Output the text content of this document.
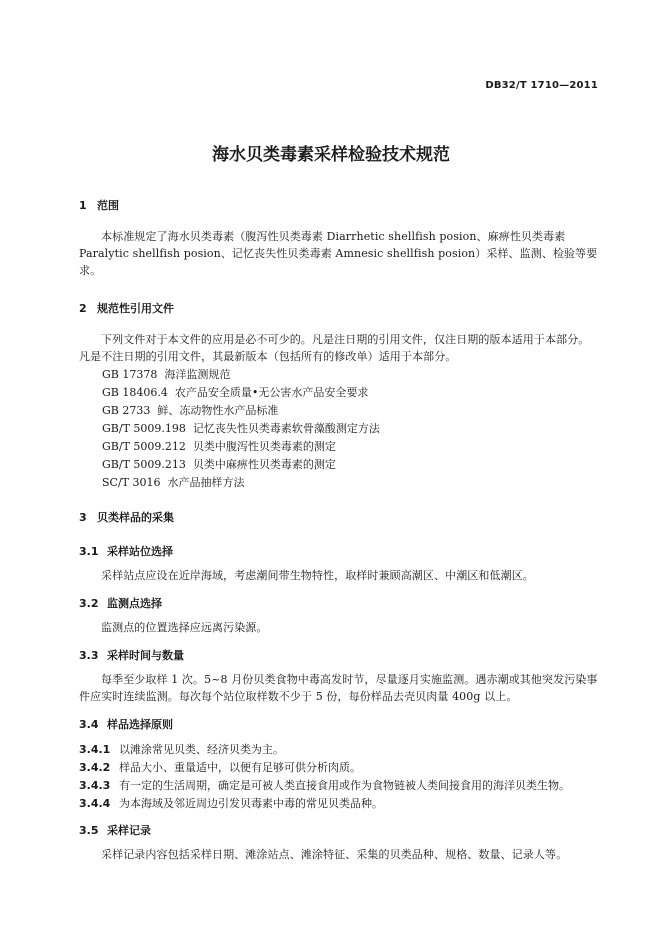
DB32/T 1710—2011
海水贝类毒素采样检验技术规范
1 范围
本标准规定了海水贝类毒素（腹泻性贝类毒素 Diarrhetic shellfish posion、麻痹性贝类毒素 Paralytic shellfish posion、记忆丧失性贝类毒素 Amnesic shellfish posion）采样、监测、检验等要求。
2 规范性引用文件
下列文件对于本文件的应用是必不可少的。凡是注日期的引用文件，仅注日期的版本适用于本部分。凡是不注日期的引用文件，其最新版本（包括所有的修改单）适用于本部分。
GB 17378 海洋监测规范
GB 18406.4 农产品安全质量•无公害水产品安全要求
GB 2733 鲜、冻动物性水产品标准
GB/T 5009.198 记忆丧失性贝类毒素软骨藻酸测定方法
GB/T 5009.212 贝类中腹泻性贝类毒素的测定
GB/T 5009.213 贝类中麻痹性贝类毒素的测定
SC/T 3016 水产品抽样方法
3 贝类样品的采集
3.1 采样站位选择
采样站点应设在近岸海域，考虑潮间带生物特性，取样时兼顾高潮区、中潮区和低潮区。
3.2 监测点选择
监测点的位置选择应远离污染源。
3.3 采样时间与数量
每季至少取样 1 次。5~8 月份贝类食物中毒高发时节，尽量逐月实施监测。遇赤潮或其他突发污染事件应实时连续监测。每次每个站位取样数不少于 5 份，每份样品去壳贝肉量 400g 以上。
3.4 样品选择原则
3.4.1 以滩涂常见贝类、经济贝类为主。
3.4.2 样品大小、重量适中，以便有足够可供分析肉质。
3.4.3 有一定的生活周期，确定是可被人类直接食用或作为食物链被人类间接食用的海洋贝类生物。
3.4.4 为本海域及邻近周边引发贝毒素中毒的常见贝类品种。
3.5 采样记录
采样记录内容包括采样日期、滩涂站点、滩涂特征、采集的贝类品种、规格、数量、记录人等。
